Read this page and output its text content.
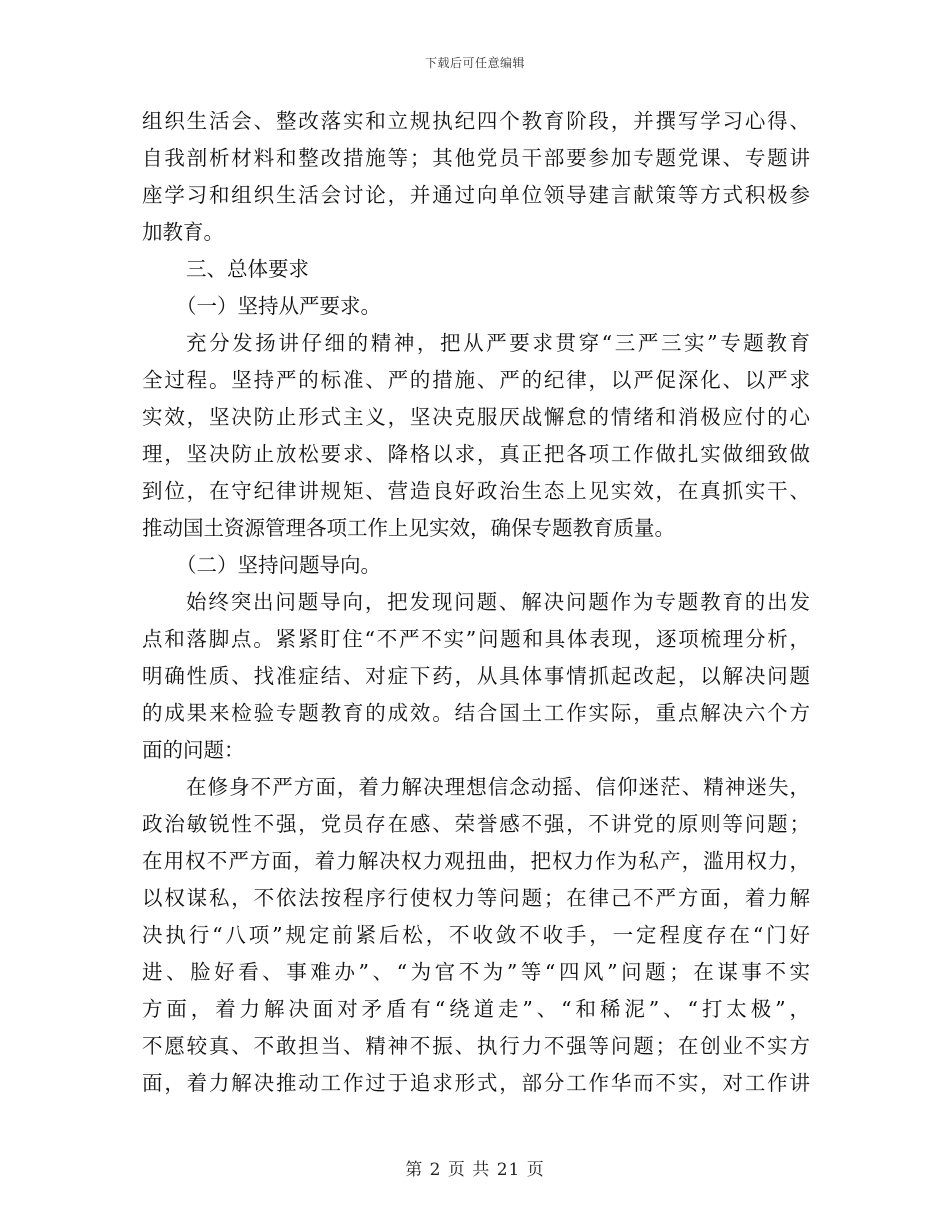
下载后可任意编辑
组织生活会、整改落实和立规执纪四个教育阶段，并撰写学习心得、
自我剖析材料和整改措施等；其他党员干部要参加专题党课、专题讲
座学习和组织生活会讨论，并通过向单位领导建言献策等方式积极参
加教育。
三、总体要求
（一）坚持从严要求。
充分发扬讲仔细的精神，把从严要求贯穿“三严三实”专题教育
全过程。坚持严的标准、严的措施、严的纪律，以严促深化、以严求
实效，坚决防止形式主义，坚决克服厌战懈怠的情绪和消极应付的心
理，坚决防止放松要求、降格以求，真正把各项工作做扎实做细致做
到位，在守纪律讲规矩、营造良好政治生态上见实效，在真抓实干、
推动国土资源管理各项工作上见实效，确保专题教育质量。
（二）坚持问题导向。
始终突出问题导向，把发现问题、解决问题作为专题教育的出发
点和落脚点。紧紧盯住“不严不实”问题和具体表现，逐项梳理分析，
明确性质、找准症结、对症下药，从具体事情抓起改起，以解决问题
的成果来检验专题教育的成效。结合国土工作实际，重点解决六个方
面的问题：
在修身不严方面，着力解决理想信念动摇、信仰迷茫、精神迷失，
政治敏锐性不强，党员存在感、荣誉感不强，不讲党的原则等问题；
在用权不严方面，着力解决权力观扭曲，把权力作为私产，滥用权力，
以权谋私，不依法按程序行使权力等问题；在律己不严方面，着力解
决执行“八项”规定前紧后松，不收敛不收手，一定程度存在“门好
进、脸好看、事难办”、“为官不为”等“四风”问题；在谋事不实
方面，着力解决面对矛盾有“绕道走”、“和稀泥”、“打太极”，
不愿较真、不敢担当、精神不振、执行力不强等问题；在创业不实方
面，着力解决推动工作过于追求形式，部分工作华而不实，对工作讲
第 2 页 共 21 页
